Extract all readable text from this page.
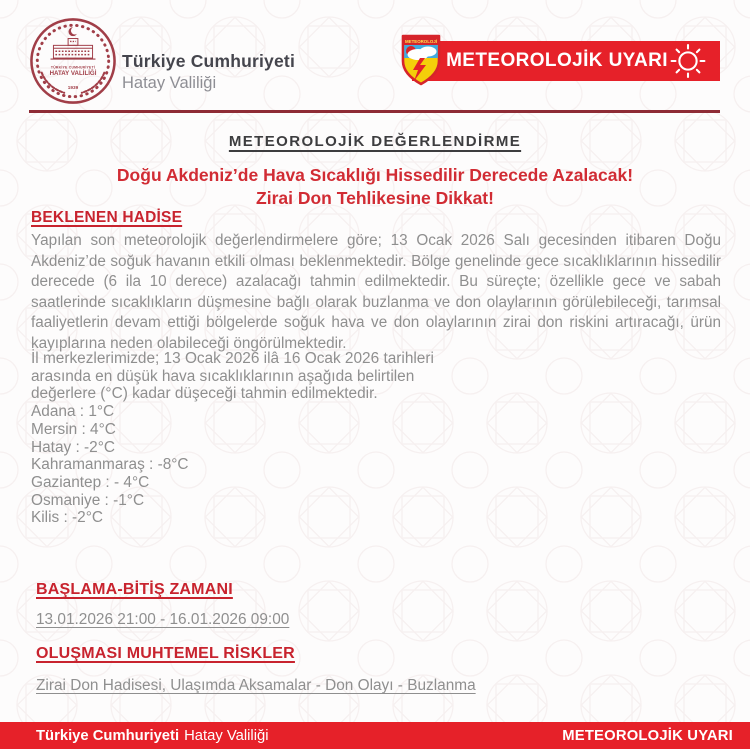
TÜRKİYE CUMHURİYETİ
HATAY VALİLİĞİ
1939
Türkiye Cumhuriyeti
Hatay Valiliği
METEOROLOJİK UYARI
METEOROLOJİ
METEOROLOJİK DEĞERLENDİRME
Doğu Akdeniz’de Hava Sıcaklığı Hissedilir Derecede Azalacak!
Zirai Don Tehlikesine Dikkat!
BEKLENEN HADİSE
Yapılan son meteorolojik değerlendirmelere göre; 13 Ocak 2026 Salı gecesinden itibaren Doğu Akdeniz’de soğuk havanın etkili olması beklenmektedir. Bölge genelinde gece sıcaklıklarının hissedilir derecede (6 ila 10 derece) azalacağı tahmin edilmektedir. Bu süreçte; özellikle gece ve sabah saatlerinde sıcaklıkların düşmesine bağlı olarak buzlanma ve don olaylarının görülebileceği, tarımsal faaliyetlerin devam ettiği bölgelerde soğuk hava ve don olaylarının zirai don riskini artıracağı, ürün kayıplarına neden olabileceği öngörülmektedir.
İl merkezlerimizde; 13 Ocak 2026 ilâ 16 Ocak 2026 tarihleri
arasında en düşük hava sıcaklıklarının aşağıda belirtilen
değerlere (°C) kadar düşeceği tahmin edilmektedir.
Adana : 1°C
Mersin : 4°C
Hatay : -2°C
Kahramanmaraş : -8°C
Gaziantep : - 4°C
Osmaniye : -1°C
Kilis : -2°C
BAŞLAMA-BİTİŞ ZAMANI
13.01.2026 21:00 - 16.01.2026 09:00
OLUŞMASI MUHTEMEL RİSKLER
Zirai Don Hadisesi, Ulaşımda Aksamalar - Don Olayı - Buzlanma
Türkiye Cumhuriyeti Hatay Valiliği	METEOROLOJİK UYARI
